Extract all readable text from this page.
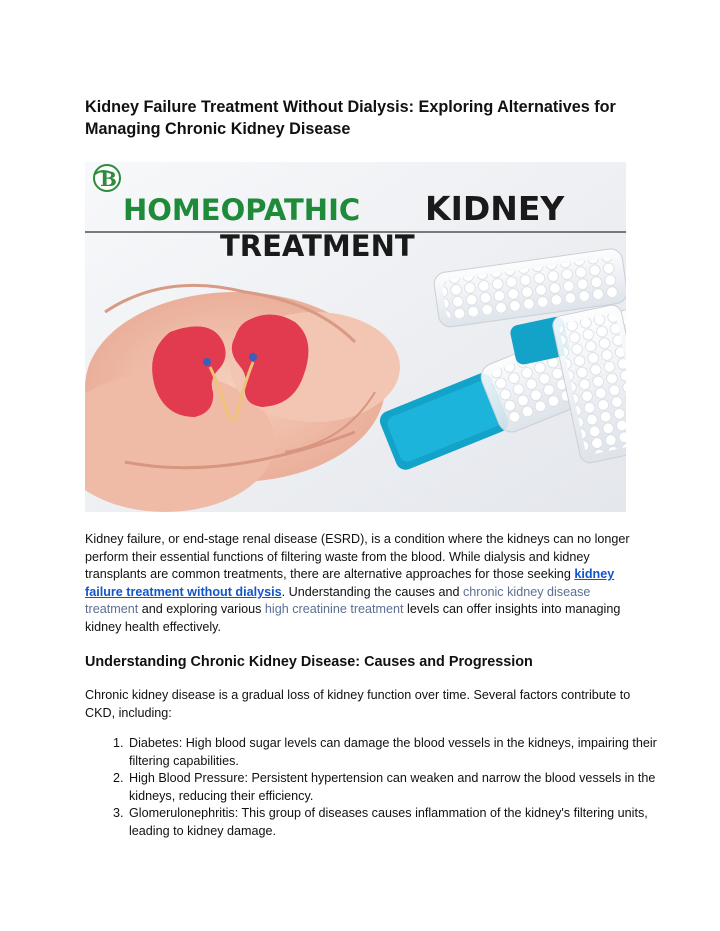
Kidney Failure Treatment Without Dialysis: Exploring Alternatives for Managing Chronic Kidney Disease
B
HOMEOPATHIC KIDNEY
TREATMENT

Kidney failure, or end-stage renal disease (ESRD), is a condition where the kidneys can no longer perform their essential functions of filtering waste from the blood. While dialysis and kidney transplants are common treatments, there are alternative approaches for those seeking kidney failure treatment without dialysis. Understanding the causes and chronic kidney disease treatment and exploring various high creatinine treatment levels can offer insights into managing kidney health effectively.

Understanding Chronic Kidney Disease: Causes and Progression

Chronic kidney disease is a gradual loss of kidney function over time. Several factors contribute to CKD, including:

1. Diabetes: High blood sugar levels can damage the blood vessels in the kidneys, impairing their filtering capabilities.
2. High Blood Pressure: Persistent hypertension can weaken and narrow the blood vessels in the kidneys, reducing their efficiency.
3. Glomerulonephritis: This group of diseases causes inflammation of the kidney's filtering units, leading to kidney damage.
